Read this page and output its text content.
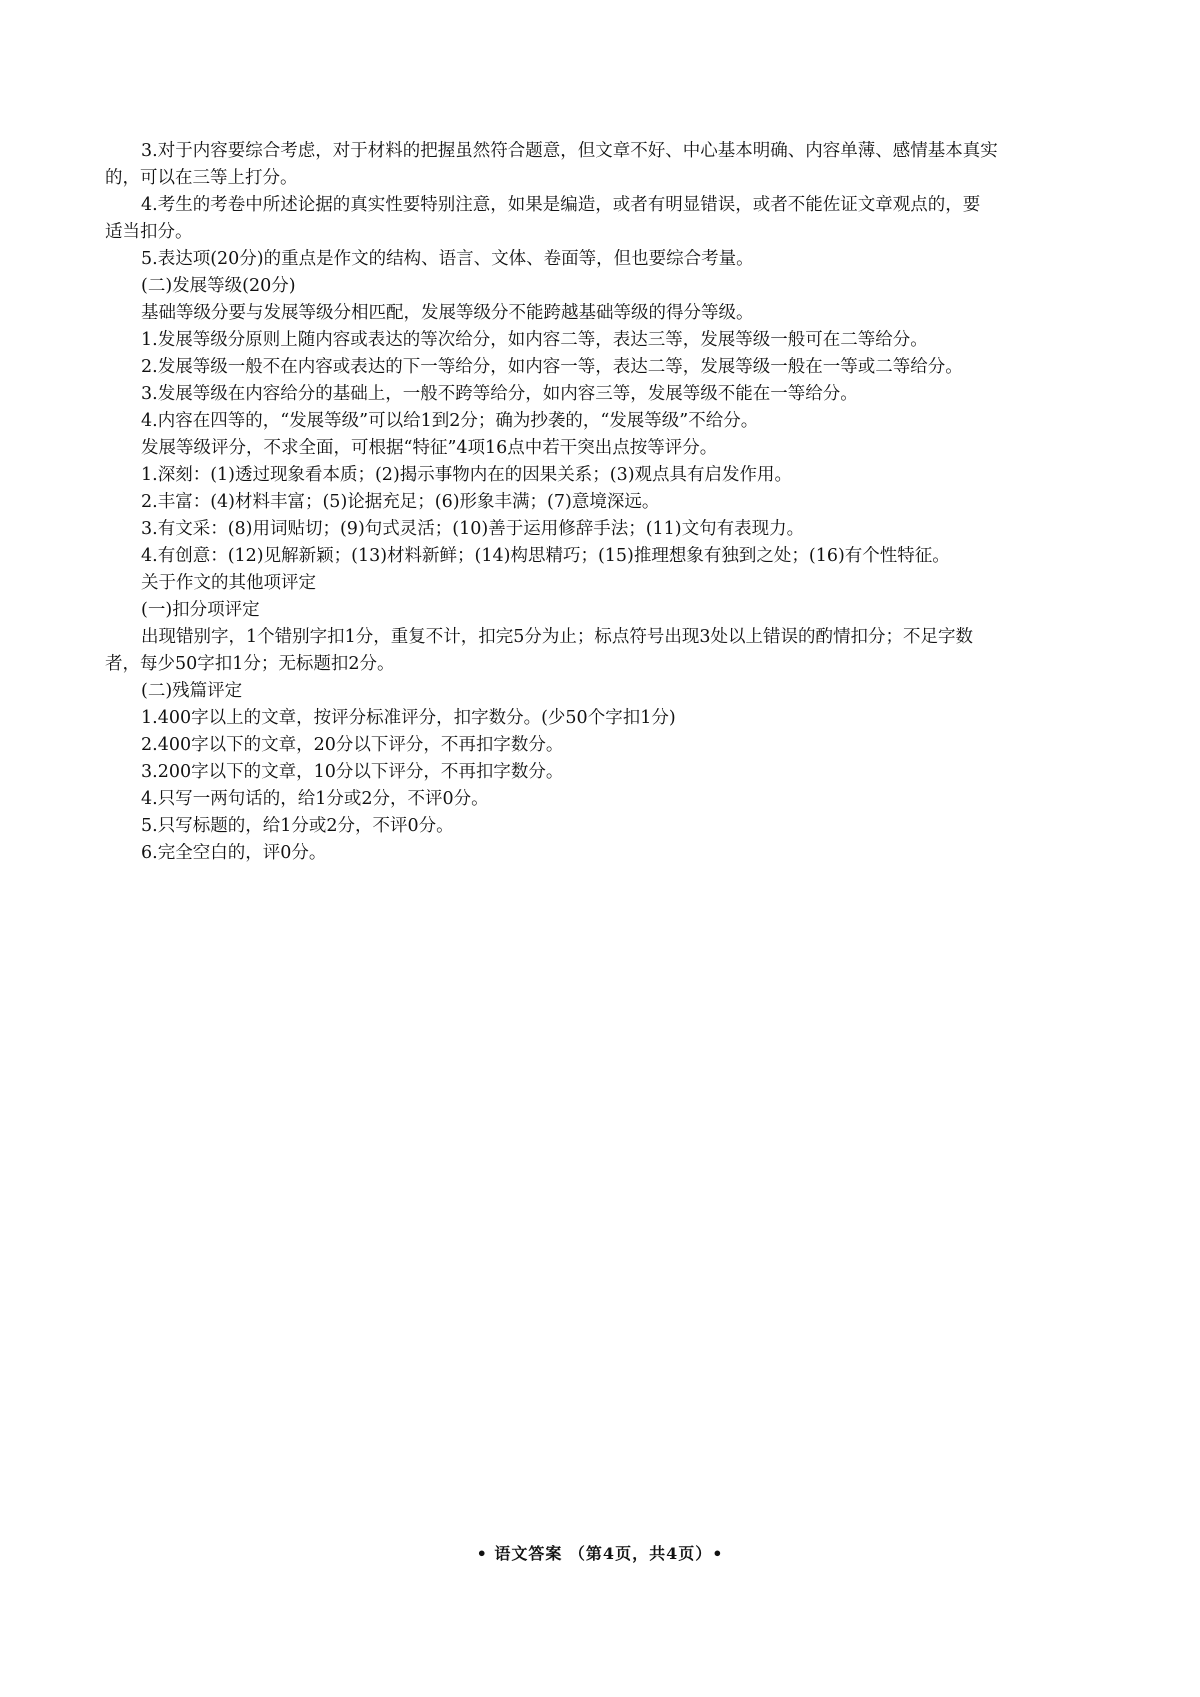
3.对于内容要综合考虑，对于材料的把握虽然符合题意，但文章不好、中心基本明确、内容单薄、感情基本真实
的，可以在三等上打分。
4.考生的考卷中所述论据的真实性要特别注意，如果是编造，或者有明显错误，或者不能佐证文章观点的，要
适当扣分。
5.表达项(20分)的重点是作文的结构、语言、文体、卷面等，但也要综合考量。
(二)发展等级(20分)
基础等级分要与发展等级分相匹配，发展等级分不能跨越基础等级的得分等级。
1.发展等级分原则上随内容或表达的等次给分，如内容二等，表达三等，发展等级一般可在二等给分。
2.发展等级一般不在内容或表达的下一等给分，如内容一等，表达二等，发展等级一般在一等或二等给分。
3.发展等级在内容给分的基础上，一般不跨等给分，如内容三等，发展等级不能在一等给分。
4.内容在四等的，“发展等级”可以给1到2分；确为抄袭的，“发展等级”不给分。
发展等级评分，不求全面，可根据“特征”4项16点中若干突出点按等评分。
1.深刻：(1)透过现象看本质；(2)揭示事物内在的因果关系；(3)观点具有启发作用。
2.丰富：(4)材料丰富；(5)论据充足；(6)形象丰满；(7)意境深远。
3.有文采：(8)用词贴切；(9)句式灵活；(10)善于运用修辞手法；(11)文句有表现力。
4.有创意：(12)见解新颖；(13)材料新鲜；(14)构思精巧；(15)推理想象有独到之处；(16)有个性特征。
关于作文的其他项评定
(一)扣分项评定
出现错别字，1个错别字扣1分，重复不计，扣完5分为止；标点符号出现3处以上错误的酌情扣分；不足字数
者，每少50字扣1分；无标题扣2分。
(二)残篇评定
1.400字以上的文章，按评分标准评分，扣字数分。(少50个字扣1分)
2.400字以下的文章，20分以下评分，不再扣字数分。
3.200字以下的文章，10分以下评分，不再扣字数分。
4.只写一两句话的，给1分或2分，不评0分。
5.只写标题的，给1分或2分，不评0分。
6.完全空白的，评0分。
• 语文答案 （第4页，共4页）•
